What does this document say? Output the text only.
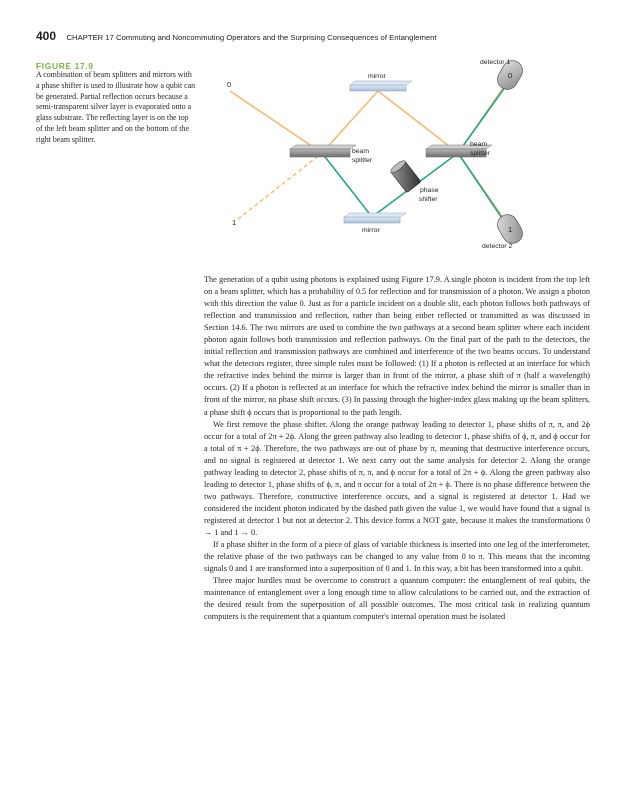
400 CHAPTER 17 Commuting and Noncommuting Operators and the Surprising Consequences of Entanglement
FIGURE 17.9
A combination of beam splitters and mirrors with a phase shifter is used to illustrate how a qubit can be generated. Partial reflection occurs because a semi-transparent silver layer is evaporated onto a glass substrate. The reflecting layer is on the top of the left beam splitter and on the bottom of the right beam splitter.
0
1
mirror
mirror
beam
splitter
beam
splitter
phase
shifter
detector 1
detector 2
0
1

The generation of a qubit using photons is explained using Figure 17.9. A single photon is incident from the top left on a beam splitter, which has a probability of 0.5 for reflection and for transmission of a photon. We assign a photon with this direction the value 0. Just as for a particle incident on a double slit, each photon follows both pathways of reflection and transmission and reflection, rather than being either reflected or transmitted as was discussed in Section 14.6. The two mirrors are used to combine the two pathways at a second beam splitter where each incident photon again follows both transmission and reflection pathways. On the final part of the path to the detectors, the initial reflection and transmission pathways are combined and interference of the two beams occurs. To understand what the detectors register, three simple rules must be followed: (1) If a photon is reflected at an interface for which the refractive index behind the mirror is larger than in front of the mirror, a phase shift of π (half a wavelength) occurs. (2) If a photon is reflected at an interface for which the refractive index behind the mirror is smaller than in front of the mirror, no phase shift occurs. (3) In passing through the higher-index glass making up the beam splitters, a phase shift ϕ occurs that is proportional to the path length.

We first remove the phase shifter. Along the orange pathway leading to detector 1, phase shifts of π, π, and 2ϕ occur for a total of 2π + 2ϕ. Along the green pathway also leading to detector 1, phase shifts of ϕ, π, and ϕ occur for a total of π + 2ϕ. Therefore, the two pathways are out of phase by π, meaning that destructive interference occurs, and no signal is registered at detector 1. We next carry out the same analysis for detector 2. Along the orange pathway leading to detector 2, phase shifts of π, π, and ϕ occur for a total of 2π + ϕ. Along the green pathway also leading to detector 1, phase shifts of ϕ, π, and π occur for a total of 2π + ϕ. There is no phase difference between the two pathways. Therefore, constructive interference occurs, and a signal is registered at detector 1. Had we considered the incident photon indicated by the dashed path given the value 1, we would have found that a signal is registered at detector 1 but not at detector 2. This device forms a NOT gate, because it makes the transformations 0 → 1 and 1 → 0.

If a phase shifter in the form of a piece of glass of variable thickness is inserted into one leg of the interferometer, the relative phase of the two pathways can be changed to any value from 0 to π. This means that the incoming signals 0 and 1 are transformed into a superposition of 0 and 1. In this way, a bit has been transformed into a qubit.

Three major hurdles must be overcome to construct a quantum computer: the entanglement of real qubits, the maintenance of entanglement over a long enough time to allow calculations to be carried out, and the extraction of the desired result from the superposition of all possible outcomes. The most critical task in realizing quantum computers is the requirement that a quantum computer's internal operation must be isolated
